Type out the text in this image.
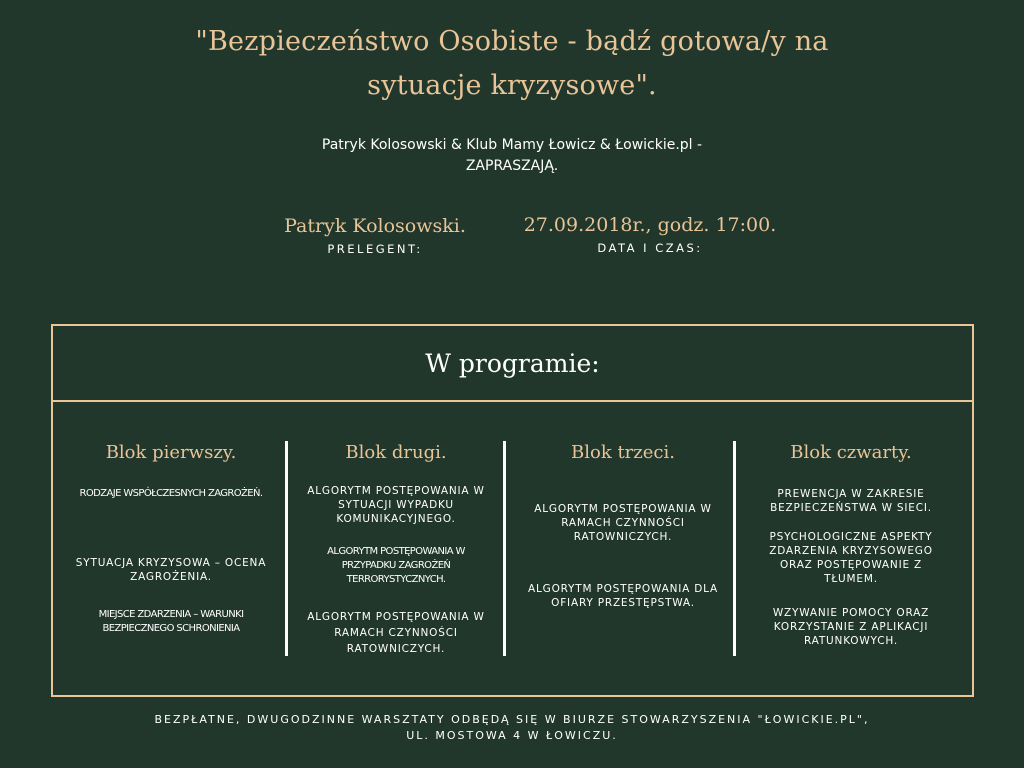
"Bezpieczeństwo Osobiste - bądź gotowa/y na
sytuacje kryzysowe".
Patryk Kolosowski & Klub Mamy Łowicz & Łowickie.pl -
ZAPRASZAJĄ.
Patryk Kolosowski.
PRELEGENT:
27.09.2018r., godz. 17:00.
DATA I CZAS:
W programie:
Blok pierwszy.
RODZAJE WSPÓŁCZESNYCH ZAGROŻEŃ.
SYTUACJA KRYZYSOWA – OCENA ZAGROŻENIA.
MIEJSCE ZDARZENIA – WARUNKI BEZPIECZNEGO SCHRONIENIA
Blok drugi.
ALGORYTM POSTĘPOWANIA W SYTUACJI WYPADKU KOMUNIKACYJNEGO.
ALGORYTM POSTĘPOWANIA W PRZYPADKU ZAGROŻEŃ TERRORYSTYCZNYCH.
ALGORYTM POSTĘPOWANIA W RAMACH CZYNNOŚCI RATOWNICZYCH.
Blok trzeci.
ALGORYTM POSTĘPOWANIA W RAMACH CZYNNOŚCI RATOWNICZYCH.
ALGORYTM POSTĘPOWANIA DLA OFIARY PRZESTĘPSTWA.
Blok czwarty.
PREWENCJA W ZAKRESIE BEZPIECZEŃSTWA W SIECI.
PSYCHOLOGICZNE ASPEKTY ZDARZENIA KRYZYSOWEGO ORAZ POSTĘPOWANIE Z TŁUMEM.
WZYWANIE POMOCY ORAZ KORZYSTANIE Z APLIKACJI RATUNKOWYCH.
BEZPŁATNE, DWUGODZINNE WARSZTATY ODBĘDĄ SIĘ W BIURZE STOWARZYSZENIA "ŁOWICKIE.PL",
UL. MOSTOWA 4 W ŁOWICZU.
